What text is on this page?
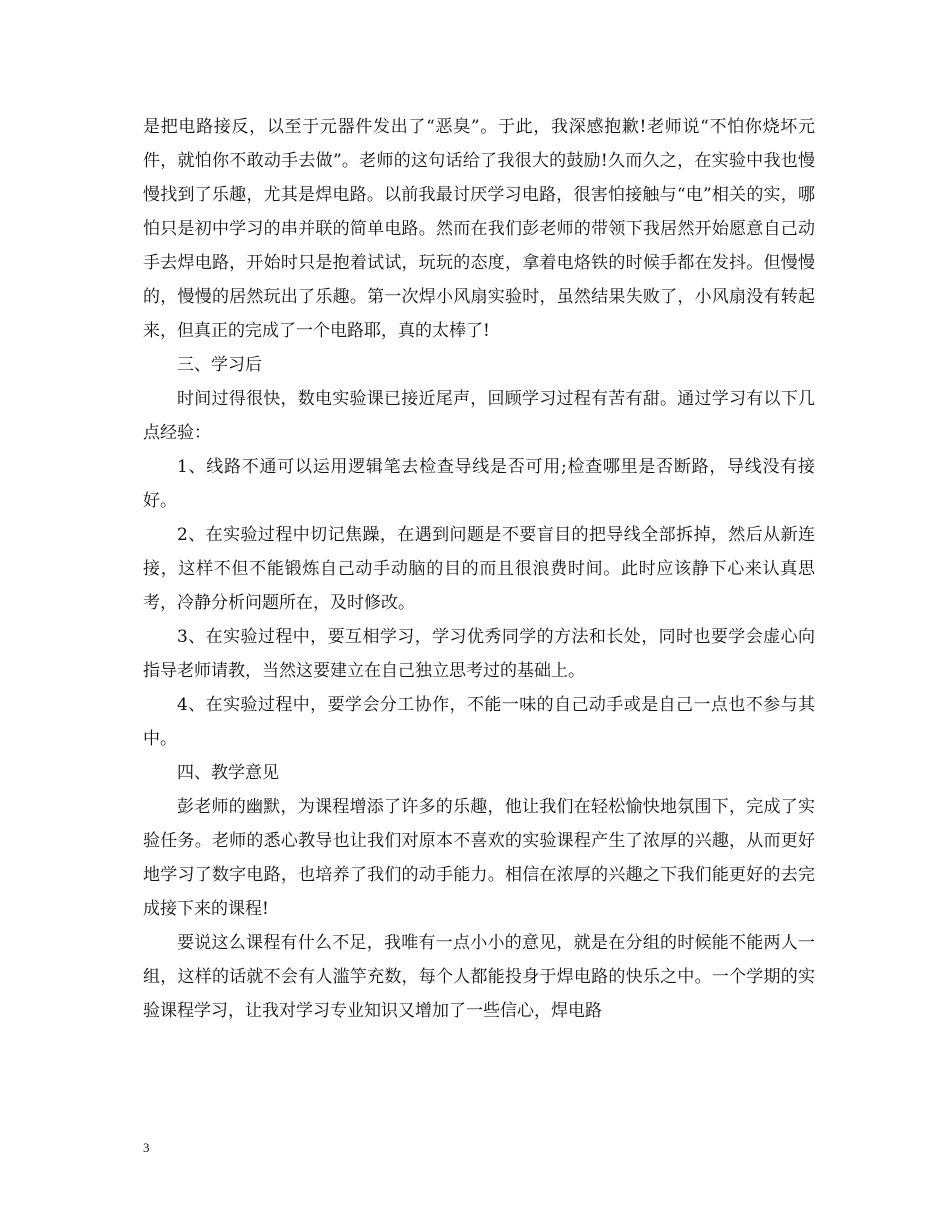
是把电路接反，以至于元器件发出了“恶臭”。于此，我深感抱歉!老师说“不怕你烧坏元件，就怕你不敢动手去做”。老师的这句话给了我很大的鼓励!久而久之，在实验中我也慢慢找到了乐趣，尤其是焊电路。以前我最讨厌学习电路，很害怕接触与“电”相关的实，哪怕只是初中学习的串并联的简单电路。然而在我们彭老师的带领下我居然开始愿意自己动手去焊电路，开始时只是抱着试试，玩玩的态度，拿着电烙铁的时候手都在发抖。但慢慢的，慢慢的居然玩出了乐趣。第一次焊小风扇实验时，虽然结果失败了，小风扇没有转起来，但真正的完成了一个电路耶，真的太棒了!

三、学习后

时间过得很快，数电实验课已接近尾声，回顾学习过程有苦有甜。通过学习有以下几点经验：

1、线路不通可以运用逻辑笔去检查导线是否可用;检查哪里是否断路，导线没有接好。

2、在实验过程中切记焦躁，在遇到问题是不要盲目的把导线全部拆掉，然后从新连接，这样不但不能锻炼自己动手动脑的目的而且很浪费时间。此时应该静下心来认真思考，冷静分析问题所在，及时修改。

3、在实验过程中，要互相学习，学习优秀同学的方法和长处，同时也要学会虚心向指导老师请教，当然这要建立在自己独立思考过的基础上。

4、在实验过程中，要学会分工协作，不能一味的自己动手或是自己一点也不参与其中。

四、教学意见

彭老师的幽默，为课程增添了许多的乐趣，他让我们在轻松愉快地氛围下，完成了实验任务。老师的悉心教导也让我们对原本不喜欢的实验课程产生了浓厚的兴趣，从而更好地学习了数字电路，也培养了我们的动手能力。相信在浓厚的兴趣之下我们能更好的去完成接下来的课程!

要说这么课程有什么不足，我唯有一点小小的意见，就是在分组的时候能不能两人一组，这样的话就不会有人滥竽充数，每个人都能投身于焊电路的快乐之中。一个学期的实验课程学习，让我对学习专业知识又增加了一些信心，焊电路

3
